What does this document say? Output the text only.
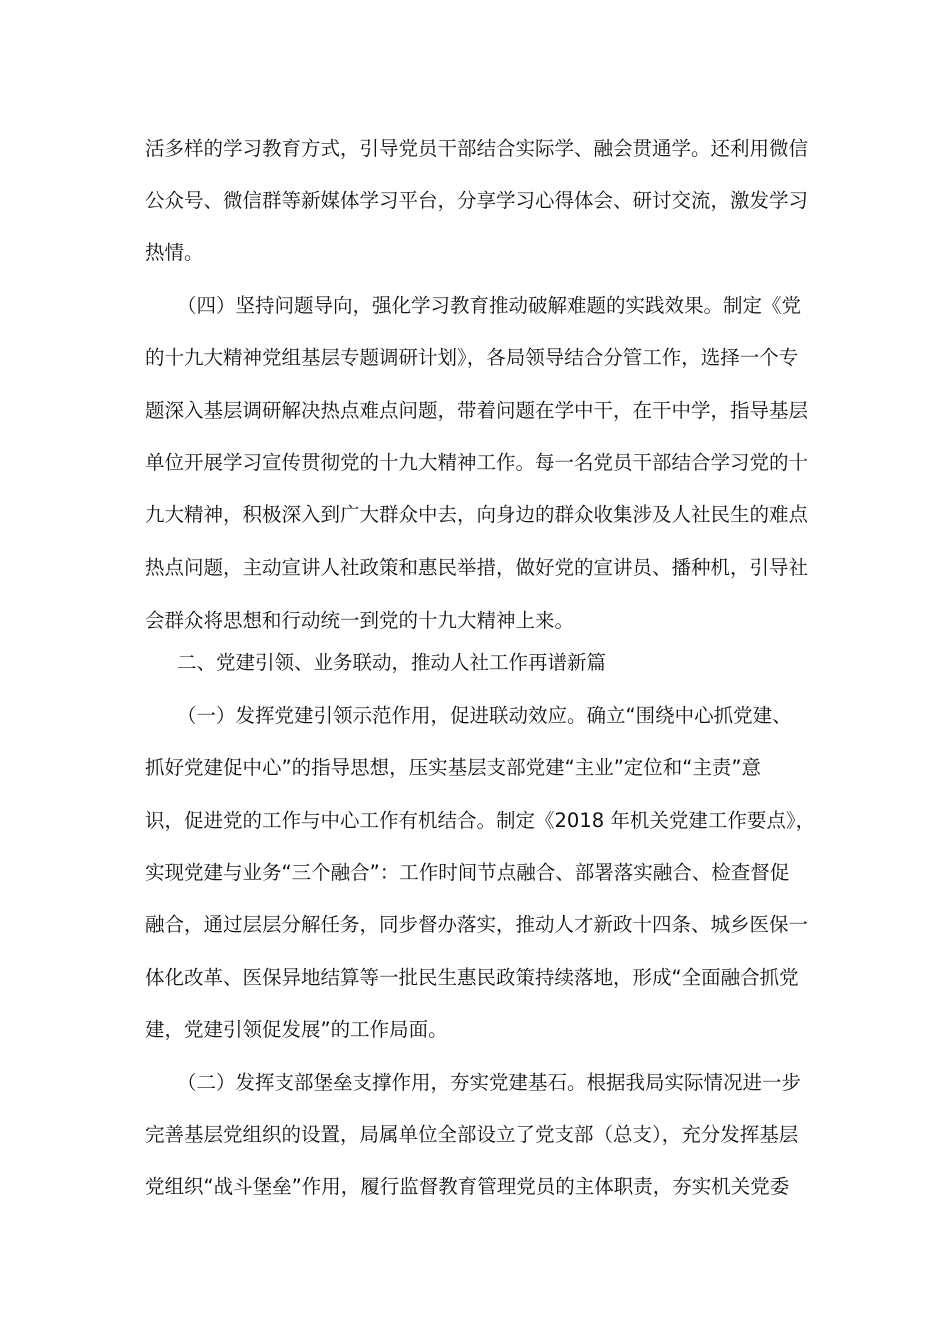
活多样的学习教育方式，引导党员干部结合实际学、融会贯通学。还利用微信
公众号、微信群等新媒体学习平台，分享学习心得体会、研讨交流，激发学习
热情。
（四）坚持问题导向，强化学习教育推动破解难题的实践效果。制定《党
的十九大精神党组基层专题调研计划》，各局领导结合分管工作，选择一个专
题深入基层调研解决热点难点问题，带着问题在学中干，在干中学，指导基层
单位开展学习宣传贯彻党的十九大精神工作。每一名党员干部结合学习党的十
九大精神，积极深入到广大群众中去，向身边的群众收集涉及人社民生的难点
热点问题，主动宣讲人社政策和惠民举措，做好党的宣讲员、播种机，引导社
会群众将思想和行动统一到党的十九大精神上来。
二、党建引领、业务联动，推动人社工作再谱新篇
（一）发挥党建引领示范作用，促进联动效应。确立“围绕中心抓党建、
抓好党建促中心”的指导思想，压实基层支部党建“主业”定位和“主责”意
识，促进党的工作与中心工作有机结合。制定《2018 年机关党建工作要点》，
实现党建与业务“三个融合”：工作时间节点融合、部署落实融合、检查督促
融合，通过层层分解任务，同步督办落实，推动人才新政十四条、城乡医保一
体化改革、医保异地结算等一批民生惠民政策持续落地，形成“全面融合抓党
建，党建引领促发展”的工作局面。
（二）发挥支部堡垒支撑作用，夯实党建基石。根据我局实际情况进一步
完善基层党组织的设置，局属单位全部设立了党支部（总支），充分发挥基层
党组织“战斗堡垒”作用，履行监督教育管理党员的主体职责，夯实机关党委
